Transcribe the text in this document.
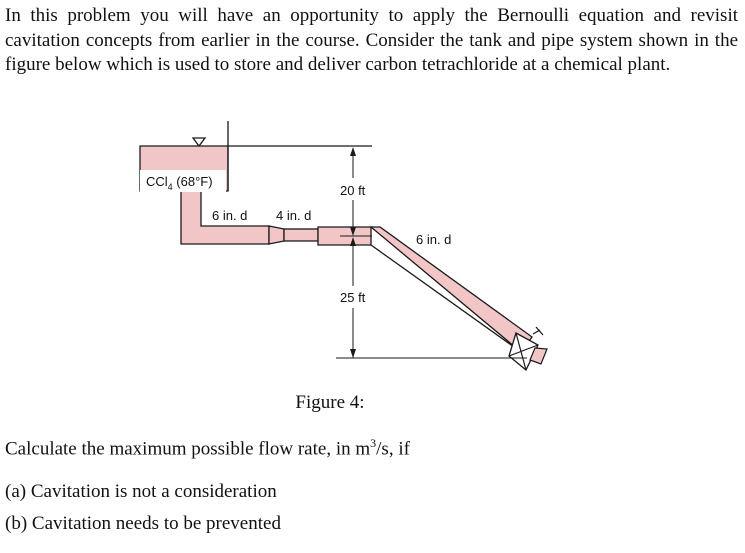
In this problem you will have an opportunity to apply the Bernoulli equation and revisit cavitation concepts from earlier in the course. Consider the tank and pipe system shown in the figure below which is used to store and deliver carbon tetrachloride at a chemical plant.

CCl$_4$ (68°F)
6 in. d 4 in. d
6 in. d
20 ft
25 ft
Figure 4:
Calculate the maximum possible flow rate, in $m^3/s$, if
(a) Cavitation is not a consideration
(b) Cavitation needs to be prevented
